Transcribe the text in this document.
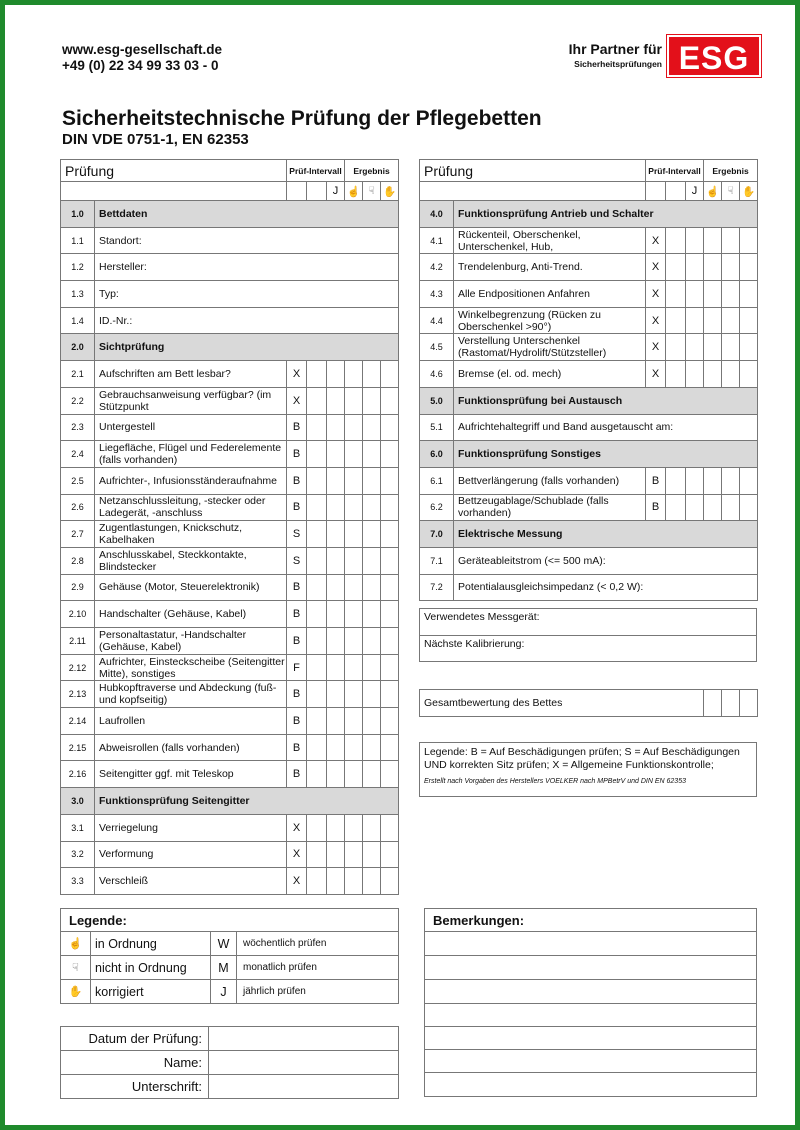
www.esg-gesellschaft.de
+49 (0) 22 34 99 33 03 - 0
Ihr Partner für
Sicherheitsprüfungen ESG
Sicherheitstechnische Prüfung der Pflegebetten
DIN VDE 0751-1, EN 62353
Prüfung		Prüf-Intervall			Ergebnis		
				J	☝	☟	✋
1.0	Bettdaten						
1.1	Standort:						
1.2	Hersteller:						
1.3	Typ:						
1.4	ID.-Nr.:						
2.0	Sichtprüfung						
2.1	Aufschriften am Bett lesbar?	X					
2.2	Gebrauchsanweisung verfügbar? (im Stützpunkt	X					
2.3	Untergestell	B					
2.4	Liegefläche, Flügel und Federelemente (falls vorhanden)	B					
2.5	Aufrichter-, Infusionsständeraufnahme	B					
2.6	Netzanschlussleitung, -stecker oder Ladegerät, -anschluss	B					
2.7	Zugentlastungen, Knickschutz, Kabelhaken	S					
2.8	Anschlusskabel, Steckkontakte, Blindstecker	S					
2.9	Gehäuse (Motor, Steuerelektronik)	B					
2.10	Handschalter (Gehäuse, Kabel)	B					
2.11	Personaltastatur, -Handschalter (Gehäuse, Kabel)	B					
2.12	Aufrichter, Einsteckscheibe (Seitengitter Mitte), sonstiges	F					
2.13	Hubkopftraverse und Abdeckung (fuß- und kopfseitig)	B					
2.14	Laufrollen	B					
2.15	Abweisrollen (falls vorhanden)	B					
2.16	Seitengitter ggf. mit Teleskop	B					
3.0	Funktionsprüfung Seitengitter						
3.1	Verriegelung	X					
3.2	Verformung	X					
3.3	Verschleiß	X					
Prüfung		Prüf-Intervall			Ergebnis		
				J	☝	☟	✋
4.0	Funktionsprüfung Antrieb und Schalter						
4.1	Rückenteil, Oberschenkel, Unterschenkel, Hub,	X					
4.2	Trendelenburg, Anti-Trend.	X					
4.3	Alle Endpositionen Anfahren	X					
4.4	Winkelbegrenzung (Rücken zu Oberschenkel >90°)	X					
4.5	Verstellung Unterschenkel (Rastomat/Hydrolift/Stützsteller)	X					
4.6	Bremse (el. od. mech)	X					
5.0	Funktionsprüfung bei Austausch						
5.1	Aufrichtehaltegriff und Band ausgetauscht am:						
6.0	Funktionsprüfung Sonstiges						
6.1	Bettverlängerung (falls vorhanden)	B					
6.2	Bettzeugablage/Schublade (falls vorhanden)	B					
7.0	Elektrische Messung						
7.1	Geräteableitstrom (<= 500 mA):						
7.2	Potentialausgleichsimpedanz (< 0,2 W):						
Verwendetes Messgerät:
Nächste Kalibrierung:
Gesamtbewertung des Bettes			
Legende: B = Auf Beschädigungen prüfen; S = Auf Beschädigungen UND korrekten Sitz prüfen; X = Allgemeine Funktionskontrolle;
Erstellt nach Vorgaben des Herstellers VOELKER nach MPBetrV und DIN EN 62353
Legende:			
☝	in Ordnung	W	wöchentlich prüfen
☟	nicht in Ordnung	M	monatlich prüfen
✋	korrigiert	J	jährlich prüfen
Bemerkungen:

Datum der Prüfung:	
Name:	
Unterschrift:	
